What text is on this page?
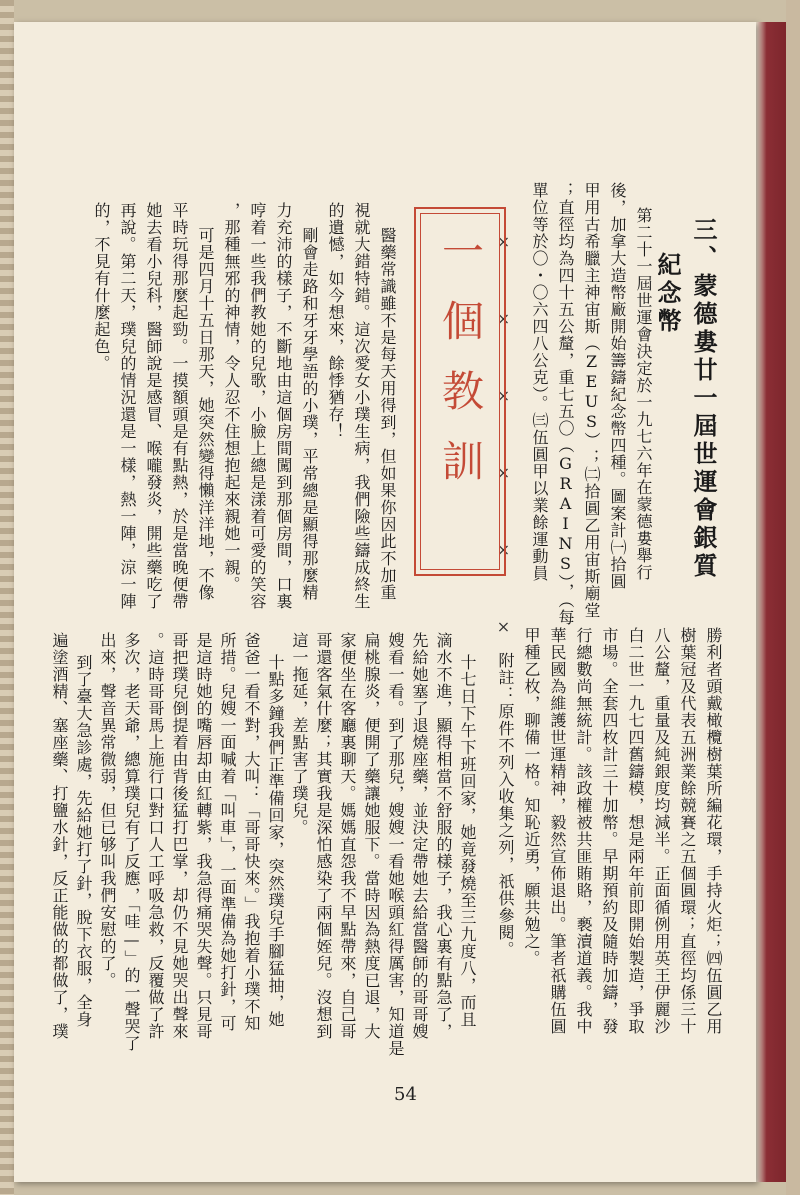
三、蒙德婁廿一屆世運會銀質
紀念幣
第二十一屆世運會決定於一九七六年在蒙德婁舉行
後，加拿大造幣廠開始籌鑄紀念幣四種。圖案計㈠拾圓
甲用古希臘主神宙斯（ZEUS）；㈡拾圓乙用宙斯廟堂
；直徑均為四十五公釐，重七五〇（GRAINS），（每
單位等於〇・〇六四八公克）。㈢伍圓甲以業餘運動員
××××××
一個教訓
醫藥常識雖不是每天用得到，但如果你因此不加重
視就大錯特錯。這次愛女小璞生病，我們險些鑄成終生
的遺憾，如今想來，餘悸猶存！
剛會走路和牙牙學語的小璞，平常總是顯得那麼精
力充沛的樣子，不斷地由這個房間闖到那個房間，口裏
哼着一些我們教她的兒歌，小臉上總是漾着可愛的笑容
，那種無邪的神情，令人忍不住想抱起來親她一親。
可是四月十五日那天，她突然變得懶洋洋地，不像
平時玩得那麼起勁。一摸額頭是有點熱，於是當晚便帶
她去看小兒科，醫師說是感冒、喉嚨發炎，開些藥吃了
再說。第二天，璞兒的情況還是一樣，熱一陣，涼一陣
的，不見有什麼起色。
勝利者頭戴橄欖樹葉所編花環，手持火炬；㈣伍圓乙用
樹葉冠及代表五洲業餘競賽之五個圓環；直徑均係三十
八公釐，重量及純銀度均減半。正面循例用英王伊麗沙
白二世一九七四舊鑄模，想是兩年前即開始製造，爭取
市場。全套四枚計三十加幣。早期預約及隨時加鑄，發
行總數尚無統計。該政權被共匪賄賂，褻瀆道義。我中
華民國為維護世運精神，毅然宣佈退出。筆者祇購伍圓
甲種乙枚，聊備一格。知恥近勇，願共勉之。
附註：原件不列入收集之列，祇供參閱。
十七日下午下班回家，她竟發燒至三九度八，而且
滴水不進，顯得相當不舒服的樣子，我心裏有點急了，
先給她塞了退燒座藥，並決定帶她去給當醫師的哥哥嫂
嫂看一看。到了那兒，嫂嫂一看她喉頭紅得厲害，知道是
扁桃腺炎，便開了藥讓她服下。當時因為熱度已退，大
家便坐在客廳裏聊天。媽媽直怨我不早點帶來，自己哥
哥還客氣什麼；其實我是深怕感染了兩個姪兒。沒想到
這一拖延，差點害了璞兒。
十點多鐘我們正準備回家，突然璞兒手腳猛抽，她
爸爸一看不對，大叫：「哥哥快來。」我抱着小璞不知
所措。兒嫂一面喊着「叫車」，一面準備為她打針，可
是這時她的嘴唇却由紅轉紫，我急得痛哭失聲。只見哥
哥把璞兒倒提着由背後猛打巴掌，却仍不見她哭出聲來
。這時哥哥馬上施行口對口人工呼吸急救，反覆做了許
多次，老天爺，總算璞兒有了反應，「哇—」的一聲哭了
出來，聲音異常微弱，但已够叫我們安慰的了。
到了臺大急診處，先給她打了針，脫下衣服，全身
遍塗酒精、塞座藥、打鹽水針，反正能做的都做了，璞
54
